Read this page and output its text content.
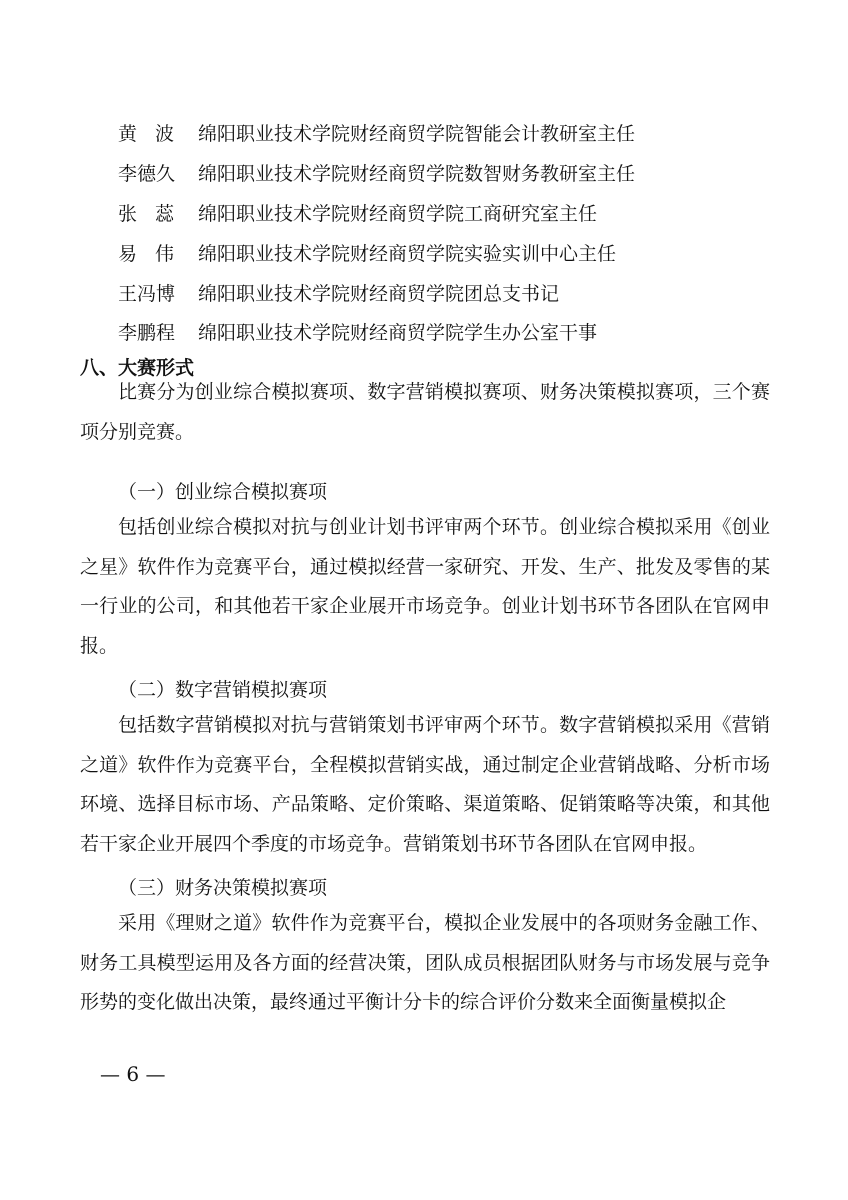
黄波 绵阳职业技术学院财经商贸学院智能会计教研室主任
李德久	绵阳职业技术学院财经商贸学院数智财务教研室主任
张蕊 绵阳职业技术学院财经商贸学院工商研究室主任
易伟 绵阳职业技术学院财经商贸学院实验实训中心主任
王冯博	绵阳职业技术学院财经商贸学院团总支书记
李鹏程	绵阳职业技术学院财经商贸学院学生办公室干事
八、大赛形式

比赛分为创业综合模拟赛项、数字营销模拟赛项、财务决策模拟赛项，三个赛项分别竞赛。

（一）创业综合模拟赛项

包括创业综合模拟对抗与创业计划书评审两个环节。创业综合模拟采用《创业之星》软件作为竞赛平台，通过模拟经营一家研究、开发、生产、批发及零售的某一行业的公司，和其他若干家企业展开市场竞争。创业计划书环节各团队在官网申报。

（二）数字营销模拟赛项

包括数字营销模拟对抗与营销策划书评审两个环节。数字营销模拟采用《营销之道》软件作为竞赛平台，全程模拟营销实战，通过制定企业营销战略、分析市场环境、选择目标市场、产品策略、定价策略、渠道策略、促销策略等决策，和其他若干家企业开展四个季度的市场竞争。营销策划书环节各团队在官网申报。

（三）财务决策模拟赛项

采用《理财之道》软件作为竞赛平台，模拟企业发展中的各项财务金融工作、财务工具模型运用及各方面的经营决策，团队成员根据团队财务与市场发展与竞争形势的变化做出决策，最终通过平衡计分卡的综合评价分数来全面衡量模拟企

— 6 —
